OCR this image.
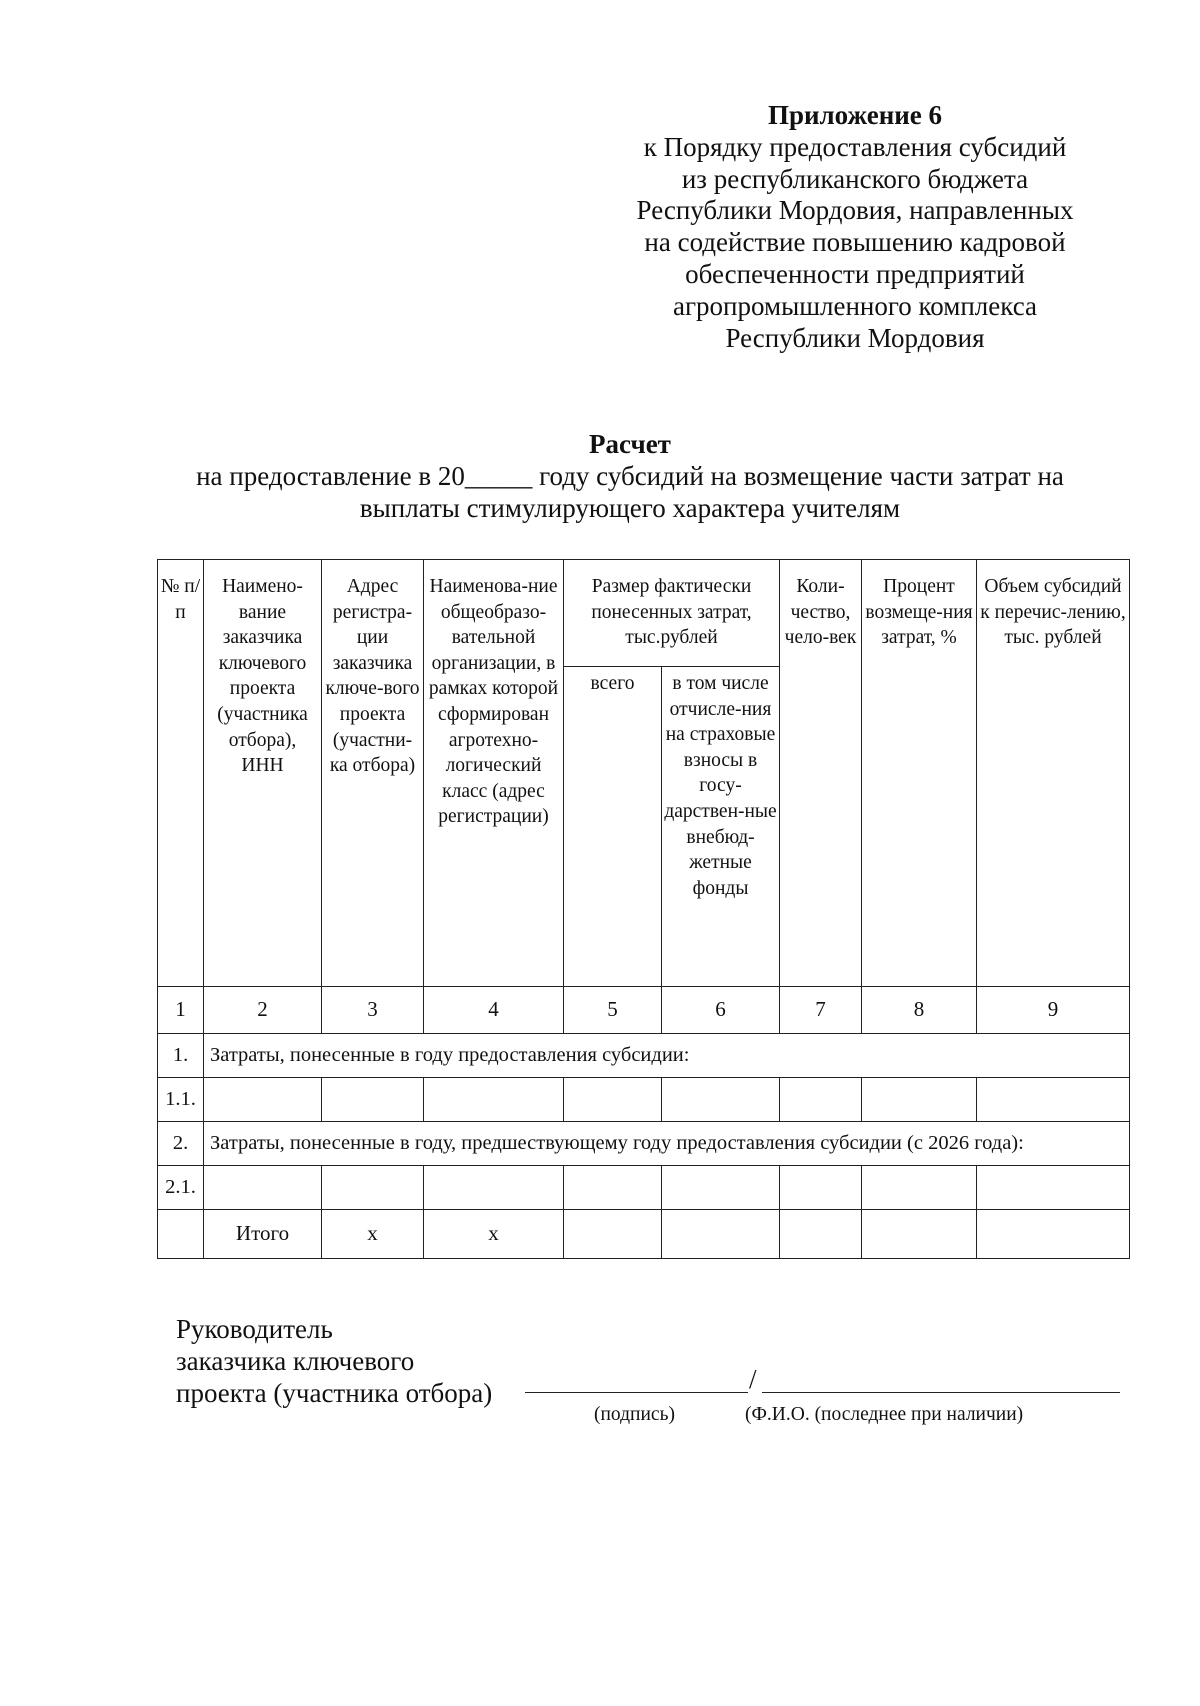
Приложение 6
к Порядку предоставления субсидий
из республиканского бюджета
Республики Мордовия, направленных
на содействие повышению кадровой
обеспеченности предприятий
агропромышленного комплекса
Республики Мордовия
Расчет
на предоставление в 20_____ году субсидий на возмещение части затрат на
выплаты стимулирующего характера учителям
№ п/п	Наимено-вание заказчика ключевого проекта (участника отбора), ИНН	Адрес регистра-ции заказчика ключе-вого проекта (участни-ка отбора)	Наименова-ние общеобразо-вательной организации, в рамках которой сформирован агротехно-логический класс (адрес регистрации)	Размер фактически понесенных затрат, тыс.рублей		Коли-чество, чело-век	Процент возмеще-ния затрат, %	Объем субсидий к перечис-лению, тыс. рублей
				всего	в том числе отчисле-ния на страховые взносы в госу-дарствен-ные внебюд-жетные фонды			
1	2	3	4	5	6	7	8	9
1.	Затраты, понесенные в году предоставления субсидии:							
1.1.								
2.	Затраты, понесенные в году, предшествующему году предоставления субсидии (с 2026 года):							
2.1.								
	Итого	х	х					
Руководитель
заказчика ключевого
проекта (участника отбора)	/
(подпись)	(Ф.И.О. (последнее при наличии)
